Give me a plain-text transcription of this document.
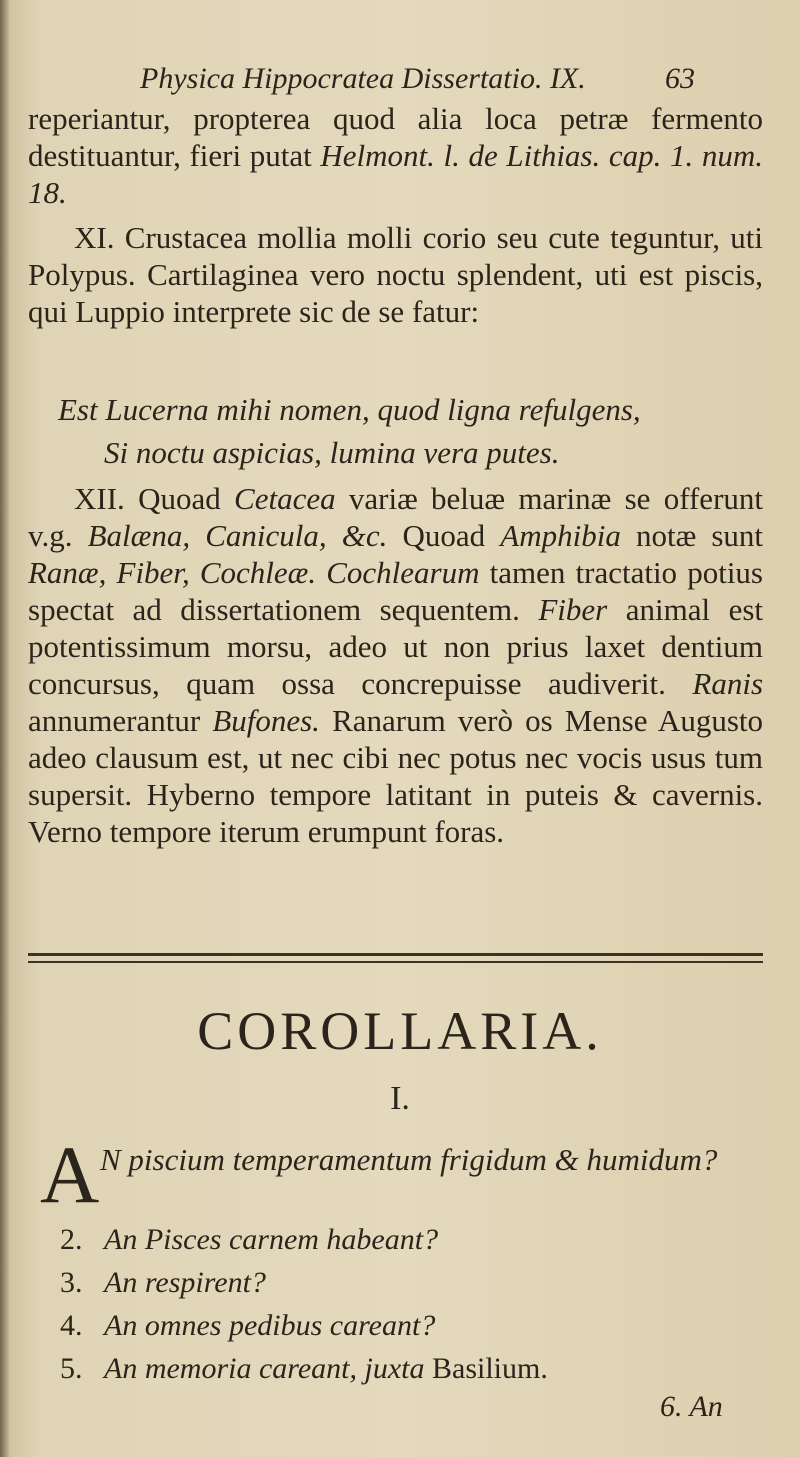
Physica Hippocratea Dissertatio. IX.	63

reperiantur, propterea quod alia loca petræ fermento destituantur, fieri putat Helmont. l. de Lithias. cap. 1. num. 18.

XI. Crustacea mollia molli corio seu cute teguntur, uti Polypus. Cartilaginea vero noctu splendent, uti est piscis, qui Luppio interprete sic de se fatur:

Est Lucerna mihi nomen, quod ligna refulgens,
Si noctu aspicias, lumina vera putes.

XII. Quoad Cetacea variæ beluæ marinæ se offerunt v.g. Balæna, Canicula, &c. Quoad Amphibia notæ sunt Ranæ, Fiber, Cochleæ. Cochlearum tamen tractatio potius spectat ad dissertationem sequentem. Fiber animal est potentissimum morsu, adeo ut non prius laxet dentium concursus, quam ossa concrepuisse audiverit. Ranis annumerantur Bufones. Ranarum verò os Mense Augusto adeo clausum est, ut nec cibi nec potus nec vocis usus tum supersit. Hyberno tempore latitant in puteis & cavernis. Verno tempore iterum erumpunt foras.

COROLLARIA.
I.
A N piscium temperamentum frigidum & humidum?
2. An Pisces carnem habeant?
3. An respirent?
4. An omnes pedibus careant?
5. An memoria careant, juxta Basilium.
6. An
